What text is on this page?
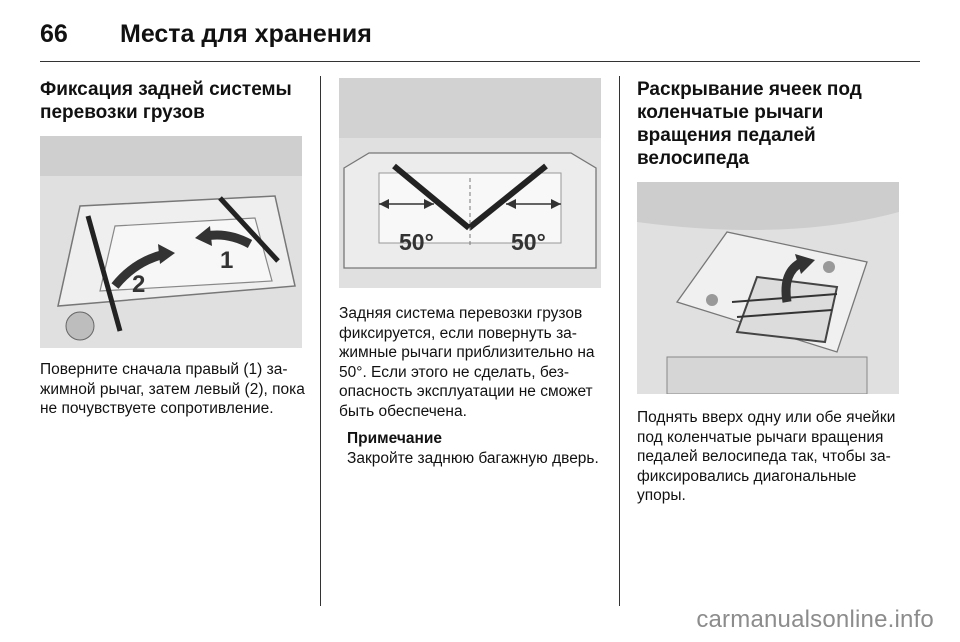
66	Места для хранения
Фиксация задней системы перевозки грузов
2
1

Поверните сначала правый (1) зажимной рычаг, затем левый (2), пока не почувствуете сопротивление.

50°	50°

Задняя система перевозки грузов фиксируется, если повернуть зажимные рычаги приблизительно на 50°. Если этого не сделать, безопасность эксплуатации не сможет быть обеспечена.

Примечание

Закройте заднюю багажную дверь.

Раскрывание ячеек под коленчатые рычаги вращения педалей велосипеда

Поднять вверх одну или обе ячейки под коленчатые рычаги вращения педалей велосипеда так, чтобы зафиксировались диагональные упоры.

carmanualsonline.info
